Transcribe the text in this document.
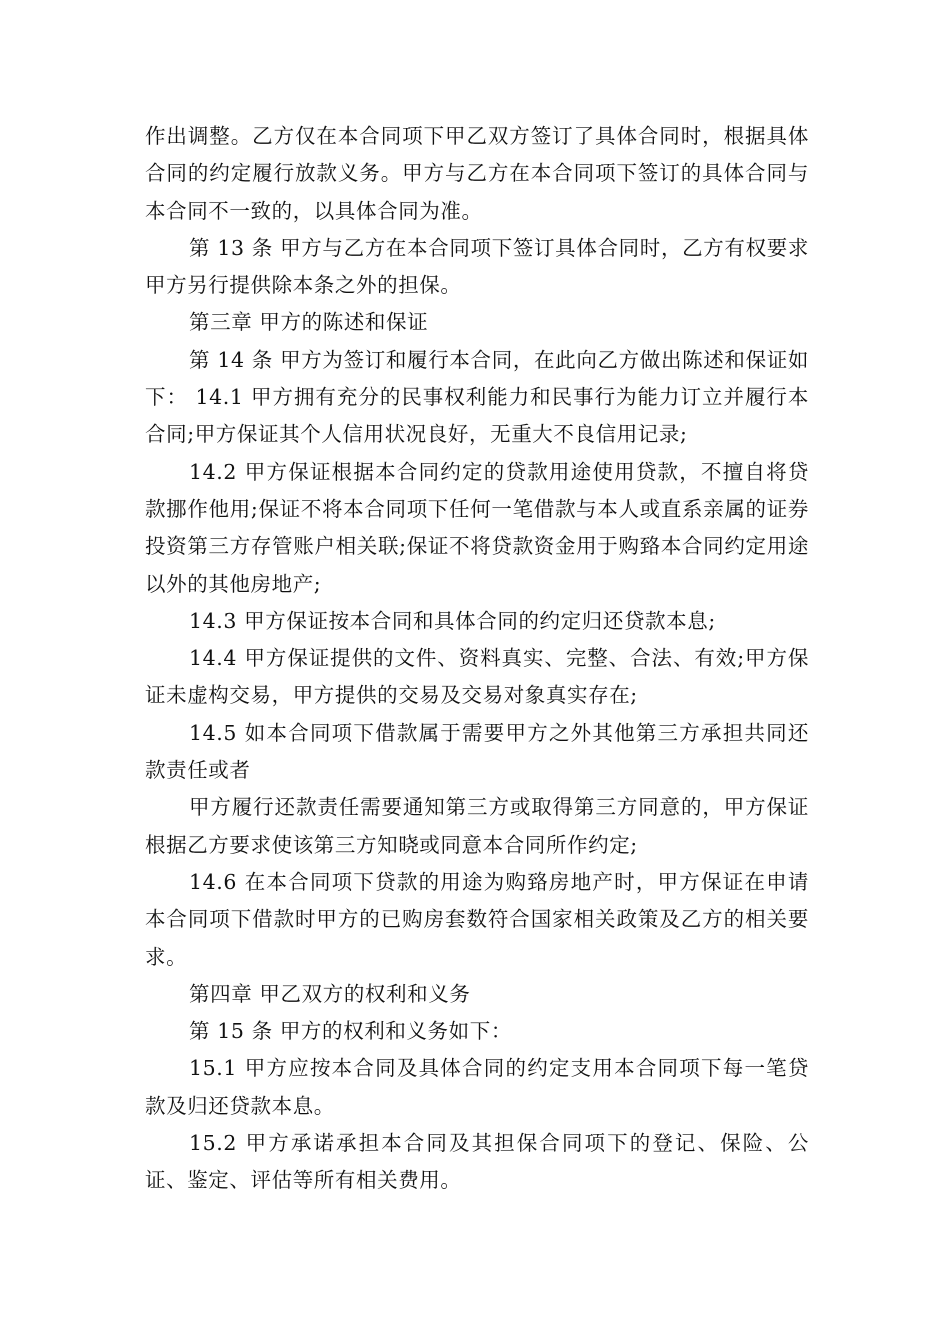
作出调整。乙方仅在本合同项下甲乙双方签订了具体合同时，根据具体合同的约定履行放款义务。甲方与乙方在本合同项下签订的具体合同与本合同不一致的，以具体合同为准。

第 13 条 甲方与乙方在本合同项下签订具体合同时，乙方有权要求甲方另行提供除本条之外的担保。

第三章 甲方的陈述和保证

第 14 条 甲方为签订和履行本合同，在此向乙方做出陈述和保证如下： 14.1 甲方拥有充分的民事权利能力和民事行为能力订立并履行本合同;甲方保证其个人信用状况良好，无重大不良信用记录;

14.2 甲方保证根据本合同约定的贷款用途使用贷款，不擅自将贷款挪作他用;保证不将本合同项下任何一笔借款与本人或直系亲属的证券投资第三方存管账户相关联;保证不将贷款资金用于购臵本合同约定用途以外的其他房地产;

14.3 甲方保证按本合同和具体合同的约定归还贷款本息;

14.4 甲方保证提供的文件、资料真实、完整、合法、有效;甲方保证未虚构交易，甲方提供的交易及交易对象真实存在;

14.5 如本合同项下借款属于需要甲方之外其他第三方承担共同还款责任或者

甲方履行还款责任需要通知第三方或取得第三方同意的，甲方保证根据乙方要求使该第三方知晓或同意本合同所作约定;

14.6 在本合同项下贷款的用途为购臵房地产时，甲方保证在申请本合同项下借款时甲方的已购房套数符合国家相关政策及乙方的相关要求。

第四章 甲乙双方的权利和义务

第 15 条 甲方的权利和义务如下：

15.1 甲方应按本合同及具体合同的约定支用本合同项下每一笔贷款及归还贷款本息。

15.2 甲方承诺承担本合同及其担保合同项下的登记、保险、公证、鉴定、评估等所有相关费用。
